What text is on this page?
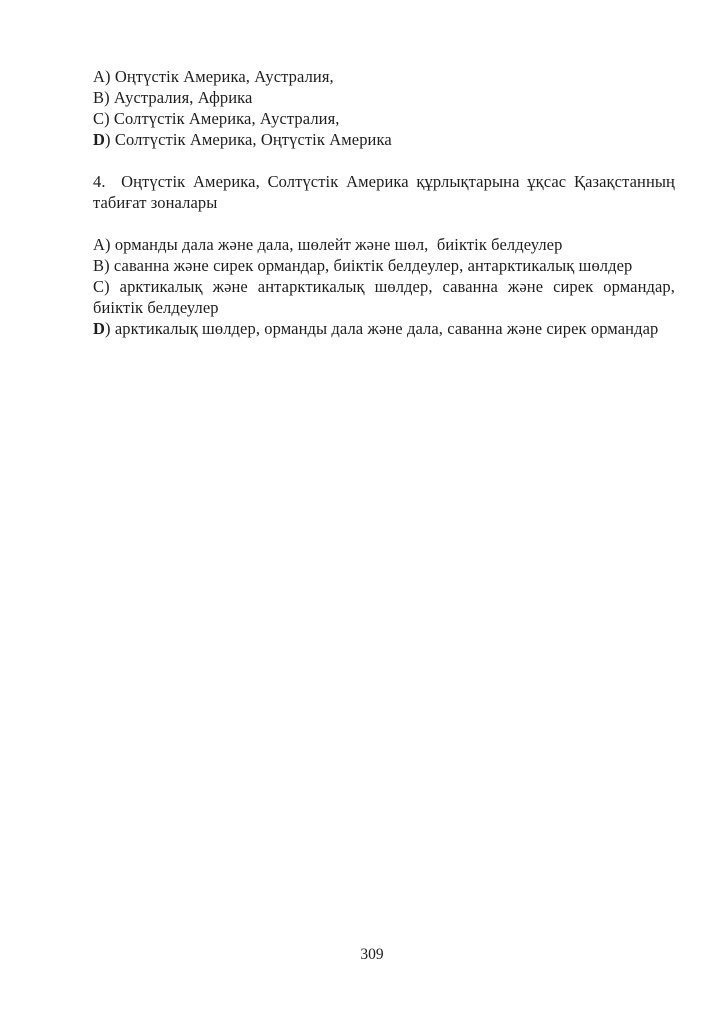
A) Оңтүстік Америка, Аустралия,
B) Аустралия, Африка
C) Солтүстік Америка, Аустралия,
D) Солтүстік Америка, Оңтүстік Америка
4.  Оңтүстік Америка, Солтүстік Америка құрлықтарына ұқсас Қазақстанның
табиғат зоналары
A) орманды дала және дала, шөлейт және шөл,  биіктік белдеулер
B) саванна және сирек ормандар, биіктік белдеулер, антарктикалық шөлдер
C) арктикалық және антарктикалық шөлдер, саванна және сирек ормандар,
биіктік белдеулер
D) арктикалық шөлдер, орманды дала және дала, саванна және сирек ормандар
309
